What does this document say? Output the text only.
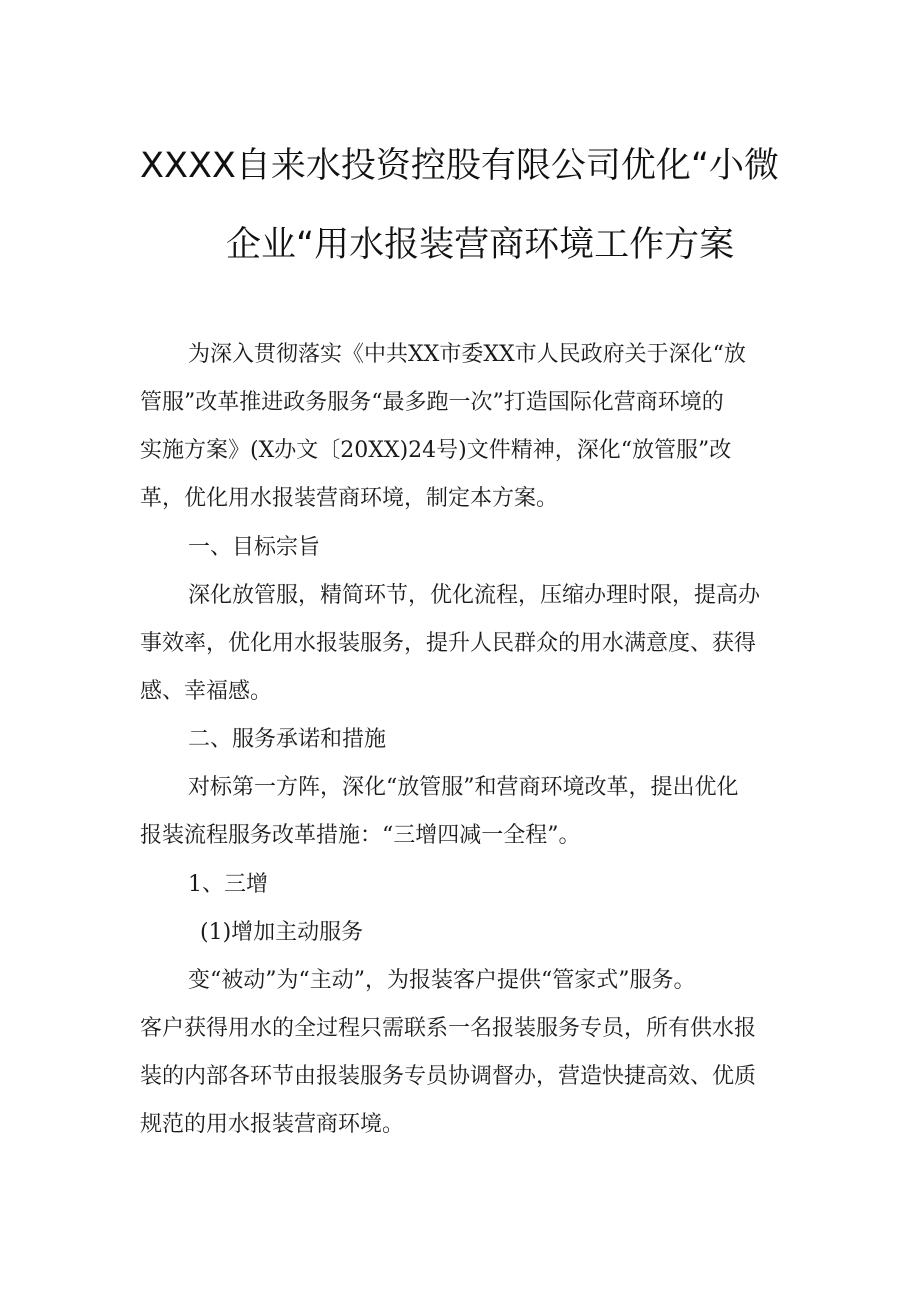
XXXX自来水投资控股有限公司优化“小微
企业“用水报装营商环境工作方案
为深入贯彻落实《中共XX市委XX市人民政府关于深化“放
管服”改革推进政务服务“最多跑一次”打造国际化营商环境的
实施方案》(X办文〔20XX)24号)文件精神，深化“放管服”改
革，优化用水报装营商环境，制定本方案。
一、目标宗旨
深化放管服，精简环节，优化流程，压缩办理时限，提高办
事效率，优化用水报装服务，提升人民群众的用水满意度、获得
感、幸福感。
二、服务承诺和措施
对标第一方阵，深化“放管服”和营商环境改革，提出优化
报装流程服务改革措施：“三增四减一全程”。
1、三增
(1)增加主动服务
变“被动”为“主动”，为报装客户提供“管家式”服务。
客户获得用水的全过程只需联系一名报装服务专员，所有供水报
装的内部各环节由报装服务专员协调督办，营造快捷高效、优质
规范的用水报装营商环境。
